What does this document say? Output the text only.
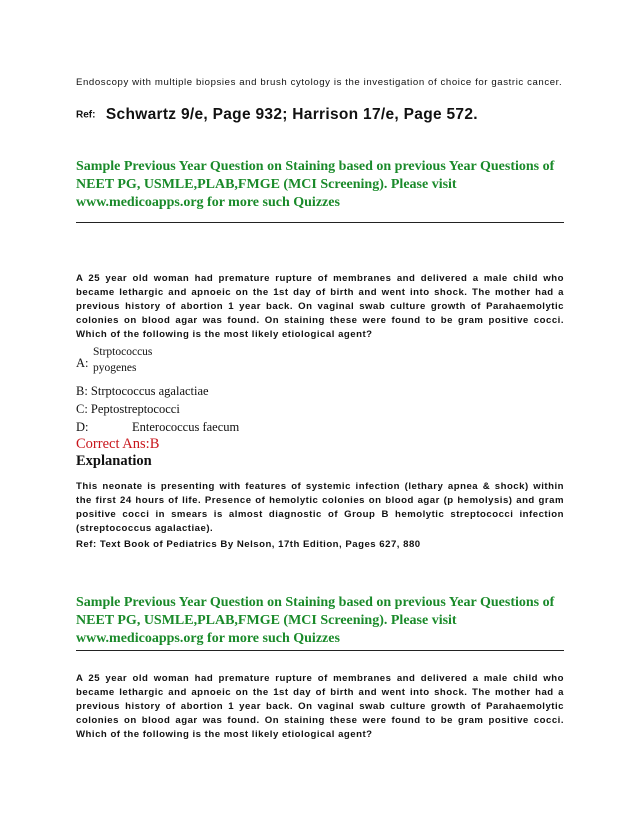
Endoscopy with multiple biopsies and brush cytology is the investigation of choice for gastric cancer.
Ref: Schwartz 9/e, Page 932; Harrison 17/e, Page 572.
Sample Previous Year Question on Staining based on previous Year Questions of
NEET PG, USMLE,PLAB,FMGE (MCI Screening). Please visit
www.medicoapps.org for more such Quizzes
A 25 year old woman had premature rupture of membranes and delivered a male child who became lethargic and apnoeic on the 1st day of birth and went into shock. The mother had a previous history of abortion 1 year back. On vaginal swab culture growth of Parahaemolytic colonies on blood agar was found. On staining these were found to be gram positive cocci. Which of the following is the most likely etiological agent?
A:
Strptococcus
pyogenes
B: Strptococcus agalactiae
C: Peptostreptococci
D:	Enterococcus faecum
Correct Ans:B
Explanation
This neonate is presenting with features of systemic infection (lethary apnea & shock) within the first 24 hours of life. Presence of hemolytic colonies on blood agar (p hemolysis) and gram positive cocci in smears is almost diagnostic of Group B hemolytic streptococci infection (streptococcus agalactiae).
Ref: Text Book of Pediatrics By Nelson, 17th Edition, Pages 627, 880
Sample Previous Year Question on Staining based on previous Year Questions of
NEET PG, USMLE,PLAB,FMGE (MCI Screening). Please visit
www.medicoapps.org for more such Quizzes
A 25 year old woman had premature rupture of membranes and delivered a male child who became lethargic and apnoeic on the 1st day of birth and went into shock. The mother had a previous history of abortion 1 year back. On vaginal swab culture growth of Parahaemolytic colonies on blood agar was found. On staining these were found to be gram positive cocci. Which of the following is the most likely etiological agent?
